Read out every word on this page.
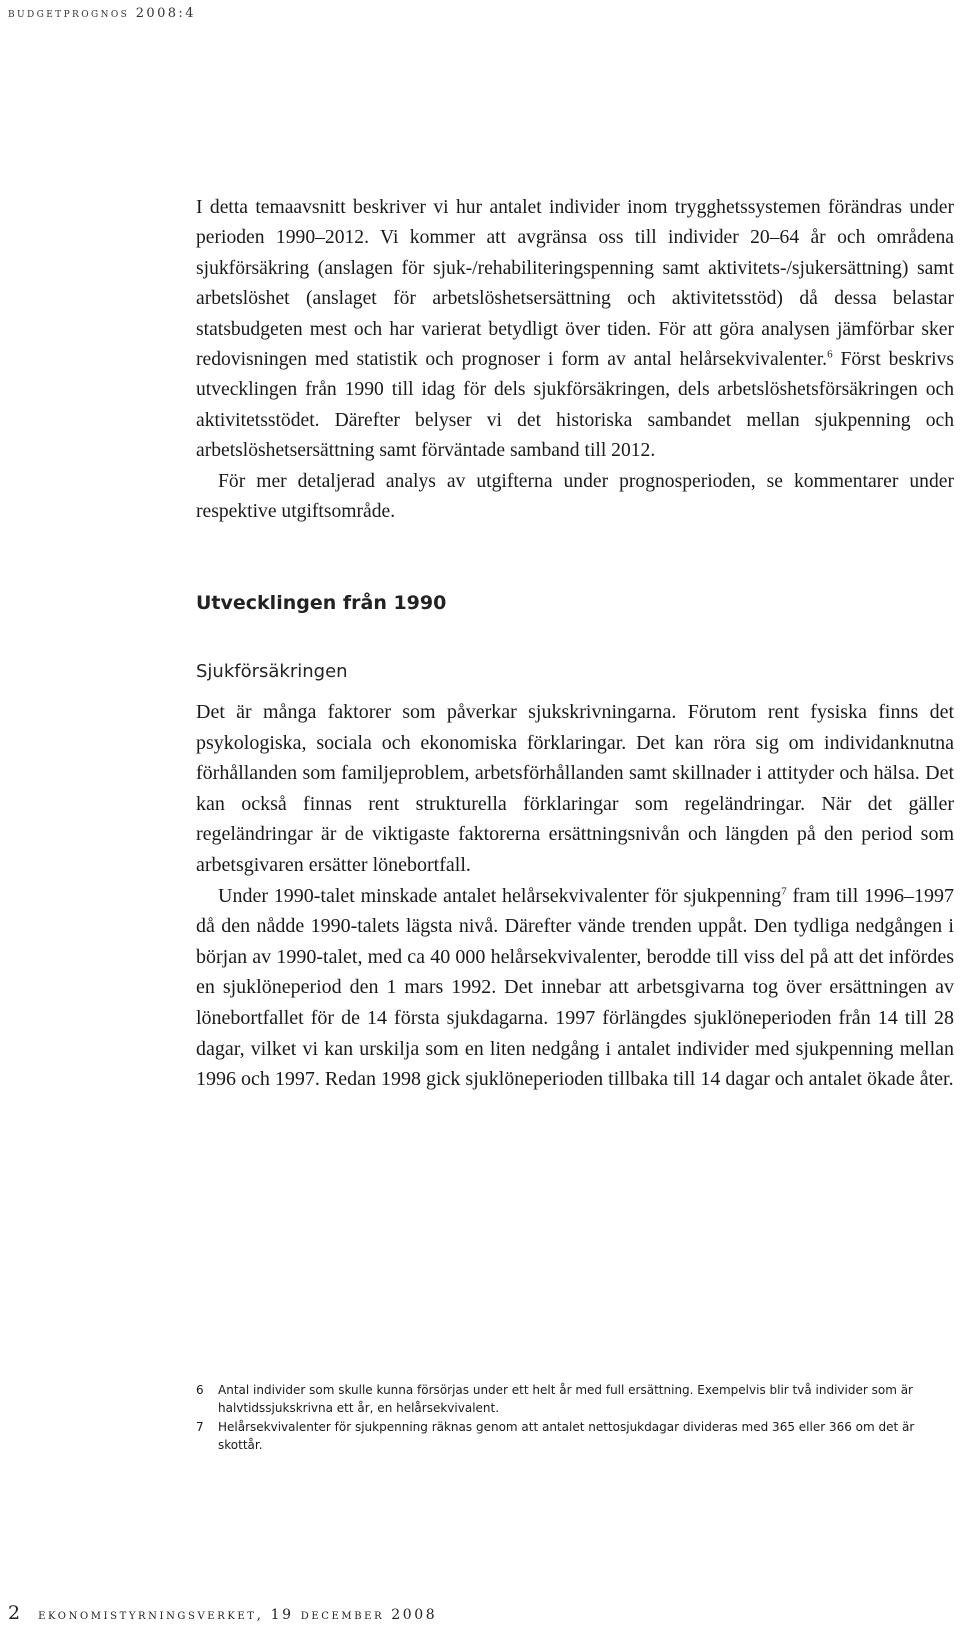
budgetprognos 2008:4

I detta temaavsnitt beskriver vi hur antalet individer inom trygghetssystemen förändras under perioden 1990–2012. Vi kommer att avgränsa oss till individer 20–64 år och områdena sjukförsäkring (anslagen för sjuk-/rehabiliteringspenning samt aktivitets-/sjukersättning) samt arbetslöshet (anslaget för arbetslöshetsersättning och aktivitetsstöd) då dessa belastar statsbudgeten mest och har varierat betydligt över tiden. För att göra analysen jämförbar sker redovisningen med statistik och prognoser i form av antal helårsekvivalenter.$^6$ Först beskrivs utvecklingen från 1990 till idag för dels sjukförsäkringen, dels arbetslöshetsförsäkringen och aktivitetsstödet. Därefter belyser vi det historiska sambandet mellan sjukpenning och arbetslöshetsersättning samt förväntade samband till 2012.

För mer detaljerad analys av utgifterna under prognosperioden, se kommentarer under respektive utgiftsområde.

Utvecklingen från 1990
Sjukförsäkringen

Det är många faktorer som påverkar sjukskrivningarna. Förutom rent fysiska finns det psykologiska, sociala och ekonomiska förklaringar. Det kan röra sig om individanknutna förhållanden som familjeproblem, arbetsförhållanden samt skillnader i attityder och hälsa. Det kan också finnas rent strukturella förklaringar som regeländringar. När det gäller regeländringar är de viktigaste faktorerna ersättningsnivån och längden på den period som arbetsgivaren ersätter lönebortfall.

Under 1990-talet minskade antalet helårsekvivalenter för sjukpenning$^7$ fram till 1996–1997 då den nådde 1990-talets lägsta nivå. Därefter vände trenden uppåt. Den tydliga nedgången i början av 1990-talet, med ca 40 000 helårsekvivalenter, berodde till viss del på att det infördes en sjuklöneperiod den 1 mars 1992. Det innebar att arbetsgivarna tog över ersättningen av lönebortfallet för de 14 första sjukdagarna. 1997 förlängdes sjuklöneperioden från 14 till 28 dagar, vilket vi kan urskilja som en liten nedgång i antalet individer med sjukpenning mellan 1996 och 1997. Redan 1998 gick sjuklöneperioden tillbaka till 14 dagar och antalet ökade åter.

6	Antal individer som skulle kunna försörjas under ett helt år med full ersättning. Exempelvis blir två individer som är halvtidssjukskrivna ett år, en helårsekvivalent.
7	Helårsekvivalenter för sjukpenning räknas genom att antalet nettosjukdagar divideras med 365 eller 366 om det är skottår.
2 ekonomistyrningsverket, 19 december 2008
